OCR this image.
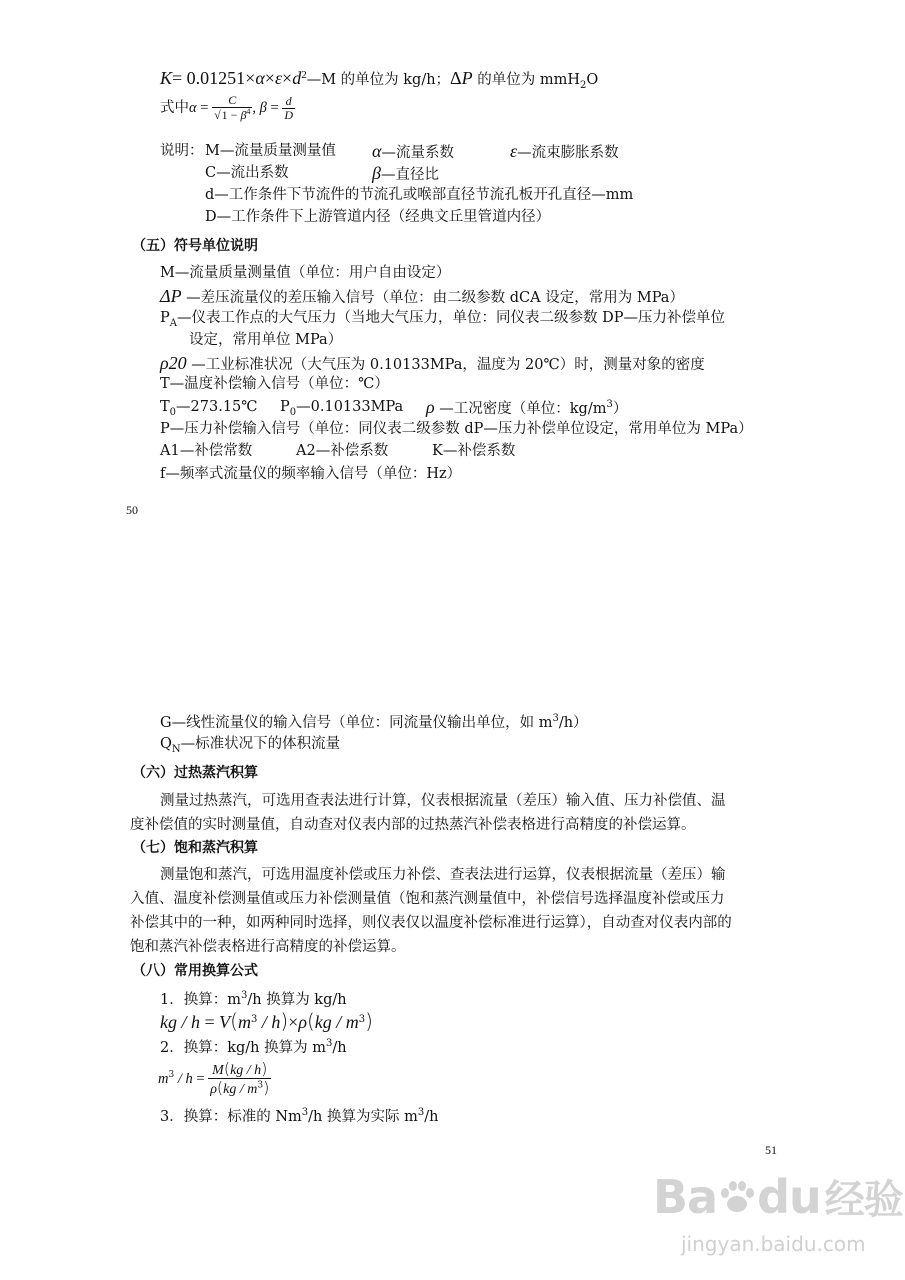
$K= 0.01251\times\alpha\times\varepsilon\times d^2—M$ 的单位为 kg/h；ΔP 的单位为 mmH$_2$O
式中$\alpha = \frac{C}{√1 - \beta^4}$ , $\beta = \frac{d}{D}$
说明： M—流量质量测量值 α—流量系数	ε—流束膨胀系数
C—流出系数	β—直径比
d—工作条件下节流件的节流孔或喉部直径节流孔板开孔直径—mm
D—工作条件下上游管道内径（经典文丘里管道内径）
（五）符号单位说明
M—流量质量测量值（单位：用户自由设定）
ΔP —差压流量仪的差压输入信号（单位：由二级参数 dCA 设定，常用为 MPa）
$P_A—$仪表工作点的大气压力（当地大气压力，单位：同仪表二级参数 DP—压力补偿单位
设定，常用单位 MPa）
ρ20 —工业标准状况（大气压为 0.10133MPa，温度为 20℃）时，测量对象的密度
T—温度补偿输入信号（单位：℃）
$T_0—273.15℃$ $P_0—0.10133MPa$ ρ —工况密度（单位：$kg/m^3$）
P—压力补偿输入信号（单位：同仪表二级参数 dP—压力补偿单位设定，常用单位为 MPa）
A1—补偿常数	A2—补偿系数	K—补偿系数
f—频率式流量仪的频率输入信号（单位：Hz）
50
G—线性流量仪的输入信号（单位：同流量仪输出单位，如 $m^3/h$）
$Q_N—$标准状况下的体积流量
（六）过热蒸汽积算
测量过热蒸汽，可选用查表法进行计算，仪表根据流量（差压）输入值、压力补偿值、温
度补偿值的实时测量值，自动查对仪表内部的过热蒸汽补偿表格进行高精度的补偿运算。
（七）饱和蒸汽积算
测量饱和蒸汽，可选用温度补偿或压力补偿、查表法进行运算，仪表根据流量（差压）输
入值、温度补偿测量值或压力补偿测量值（饱和蒸汽测量值中，补偿信号选择温度补偿或压力
补偿其中的一种，如两种同时选择，则仪表仅以温度补偿标准进行运算），自动查对仪表内部的
饱和蒸汽补偿表格进行高精度的补偿运算。
（八）常用换算公式
1．换算：$m^3/h$ 换算为 kg/h
kg / $h = V(m^3 / h)\times\rho(kg / m^3)$
2．换算：kg/h 换算为 $m^3/h$
$m^3 / h = \frac{M(kg / h)}{\rho(kg / m^3)}$
3．换算：标准的 Nm$^3$/h 换算为实际 $m^3/h$
51
Ba du 经验
jingyan.baidu.com
